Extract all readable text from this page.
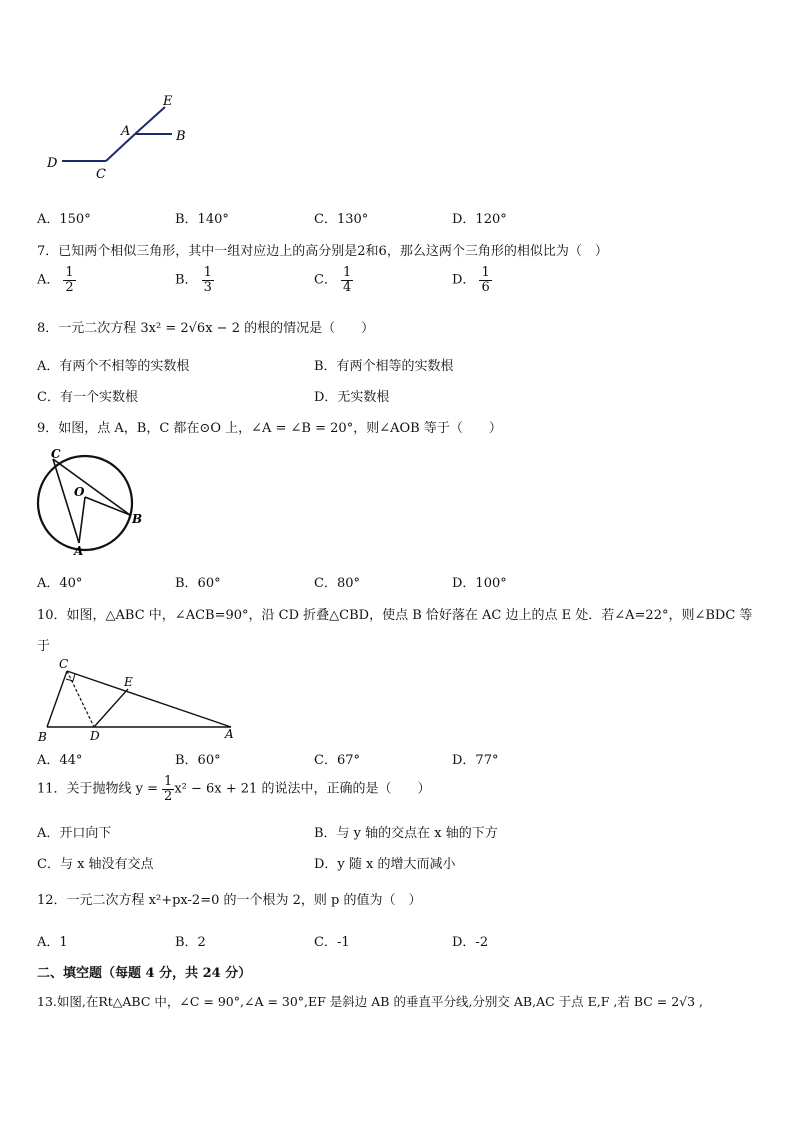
E
A	B
D
C
A．150°	B．140°	C．130°	D．120°
7．已知两个相似三角形，其中一组对应边上的高分别是2和6，那么这两个三角形的相似比为（　）
A． $\frac{1}{2}$	B． $\frac{1}{3}$	C． $\frac{1}{4}$	D． $\frac{1}{6}$
8．一元二次方程 3x² = 2√6x − 2 的根的情况是（　　）
A．有两个不相等的实数根	B．有两个相等的实数根
C．有一个实数根	D．无实数根
9．如图，点 A，B，C 都在⊙O 上，∠A = ∠B = 20°，则∠AOB 等于（　　）
C
O
B
A
A．40°	B．60°	C．80°	D．100°
10．如图，△ABC 中，∠ACB=90°，沿 CD 折叠△CBD，使点 B 恰好落在 AC 边上的点 E 处．若∠A=22°，则∠BDC 等
于
C
E
B	D	A
A．44°	B．60°	C．67°	D．77°
11．关于抛物线 $y = \frac{1}{2} x^2 - 6x + 21$ 的说法中，正确的是（　　）
A．开口向下	B．与 y 轴的交点在 x 轴的下方
C．与 x 轴没有交点	D．y 随 x 的增大而减小
12．一元二次方程 x²+px-2=0 的一个根为 2，则 p 的值为（　）
A．1	B．2	C．-1	D．-2
二、填空题（每题 4 分，共 24 分）
13.如图,在Rt△ABC 中，∠C = 90°,∠A = 30°,EF 是斜边 AB 的垂直平分线,分别交 AB,AC 于点 E,F ,若 BC = 2√3 ,
